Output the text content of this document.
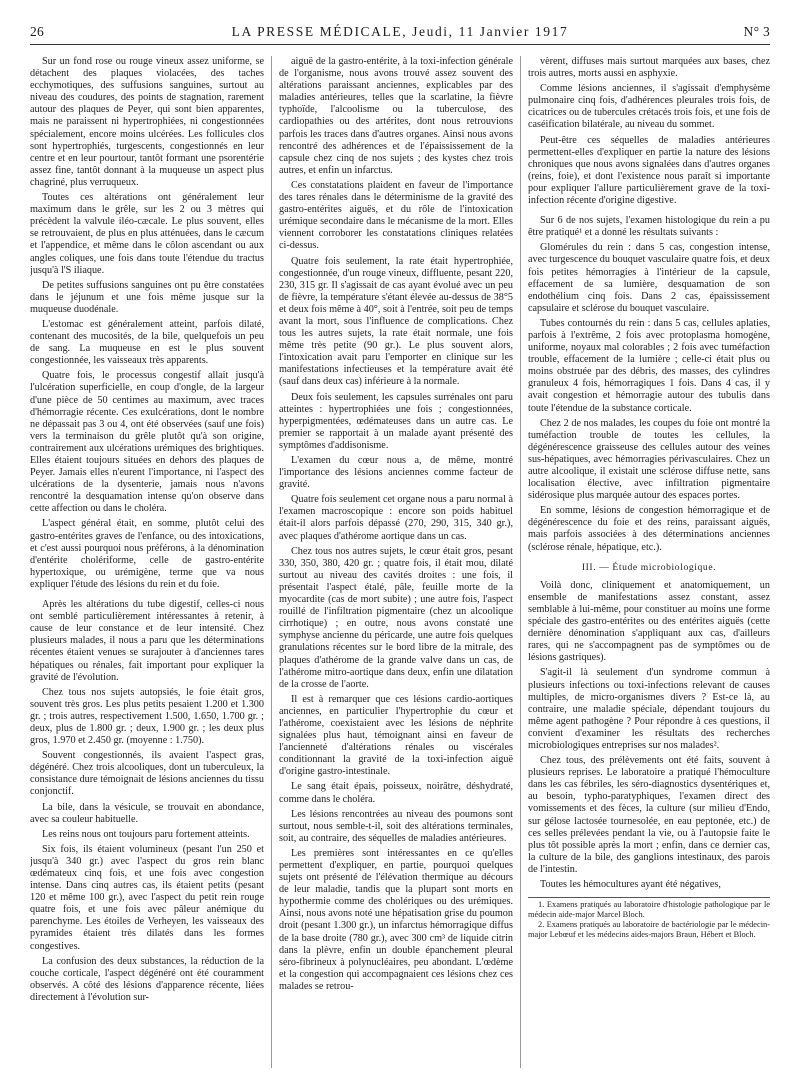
26	LA PRESSE MÉDICALE, Jeudi, 11 Janvier 1917	N° 3

Sur un fond rose ou rouge vineux assez uniforme, se détachent des plaques violacées, des taches ecchymotiques, des suffusions sanguines, surtout au niveau des coudures, des points de stagnation, rarement autour des plaques de Peyer, qui sont bien apparentes, mais ne paraissent ni hypertrophiées, ni congestionnées spécialement, encore moins ulcérées. Les follicules clos sont hypertrophiés, turgescents, congestionnés en leur centre et en leur pourtour, tantôt formant une psorentérie assez fine, tantôt donnant à la muqueuse un aspect plus chagriné, plus verruqueux.

Toutes ces altérations ont généralement leur maximum dans le grêle, sur les 2 ou 3 mètres qui précèdent la valvule iléo-cæcale. Le plus souvent, elles se retrouvaient, de plus en plus atténuées, dans le cæcum et l'appendice, et même dans le côlon ascendant ou aux angles coliques, une fois dans toute l'étendue du tractus jusqu'à l'S iliaque.

De petites suffusions sanguines ont pu être constatées dans le jéjunum et une fois même jusque sur la muqueuse duodénale.

L'estomac est généralement atteint, parfois dilaté, contenant des mucosités, de la bile, quelquefois un peu de sang. La muqueuse en est le plus souvent congestionnée, les vaisseaux très apparents.

Quatre fois, le processus congestif allait jusqu'à l'ulcération superficielle, en coup d'ongle, de la largeur d'une pièce de 50 centimes au maximum, avec traces d'hémorragie récente. Ces exulcérations, dont le nombre ne dépassait pas 3 ou 4, ont été observées (sauf une fois) vers la terminaison du grêle plutôt qu'à son origine, contrairement aux ulcérations urémiques des brightiques. Elles étaient toujours situées en dehors des plaques de Peyer. Jamais elles n'eurent l'importance, ni l'aspect des ulcérations de la dysenterie, jamais nous n'avons rencontré la desquamation intense qu'on observe dans cette affection ou dans le choléra.

L'aspect général était, en somme, plutôt celui des gastro-entérites graves de l'enfance, ou des intoxications, et c'est aussi pourquoi nous préférons, à la dénomination d'entérite cholériforme, celle de gastro-entérite hypertoxique, ou urémigène, terme que va nous expliquer l'étude des lésions du rein et du foie.

Après les altérations du tube digestif, celles-ci nous ont semblé particulièrement intéressantes à retenir, à cause de leur constance et de leur intensité. Chez plusieurs malades, il nous a paru que les déterminations récentes étaient venues se surajouter à d'anciennes tares hépatiques ou rénales, fait important pour expliquer la gravité de l'évolution.

Chez tous nos sujets autopsiés, le foie était gros, souvent très gros. Les plus petits pesaient 1.200 et 1.300 gr. ; trois autres, respectivement 1.500, 1.650, 1.700 gr. ; deux, plus de 1.800 gr. ; deux, 1.900 gr. ; les deux plus gros, 1.970 et 2.450 gr. (moyenne : 1.750).

Souvent congestionnés, ils avaient l'aspect gras, dégénéré. Chez trois alcooliques, dont un tuberculeux, la consistance dure témoignait de lésions anciennes du tissu conjonctif.

La bile, dans la vésicule, se trouvait en abondance, avec sa couleur habituelle.

Les reins nous ont toujours paru fortement atteints.

Six fois, ils étaient volumineux (pesant l'un 250 et jusqu'à 340 gr.) avec l'aspect du gros rein blanc œdémateux cinq fois, et une fois avec congestion intense. Dans cinq autres cas, ils étaient petits (pesant 120 et même 100 gr.), avec l'aspect du petit rein rouge quatre fois, et une fois avec pâleur anémique du parenchyme. Les étoiles de Verheyen, les vaisseaux des pyramides étaient très dilatés dans les formes congestives.

La confusion des deux substances, la réduction de la couche corticale, l'aspect dégénéré ont été couramment observés. A côté des lésions d'apparence récente, liées directement à l'évolution sur-

aiguë de la gastro-entérite, à la toxi-infection générale de l'organisme, nous avons trouvé assez souvent des altérations paraissant anciennes, explicables par des maladies antérieures, telles que la scarlatine, la fièvre typhoïde, l'alcoolisme ou la tuberculose, des cardiopathies ou des artérites, dont nous retrouvions parfois les traces dans d'autres organes. Ainsi nous avons rencontré des adhérences et de l'épaississement de la capsule chez cinq de nos sujets ; des kystes chez trois autres, et enfin un infarctus.

Ces constatations plaident en faveur de l'importance des tares rénales dans le déterminisme de la gravité des gastro-entérites aiguës, et du rôle de l'intoxication urémique secondaire dans le mécanisme de la mort. Elles viennent corroborer les constatations cliniques relatées ci-dessus.

Quatre fois seulement, la rate était hypertrophiée, congestionnée, d'un rouge vineux, diffluente, pesant 220, 230, 315 gr. Il s'agissait de cas ayant évolué avec un peu de fièvre, la température s'étant élevée au-dessus de 38°5 et deux fois même à 40°, soit à l'entrée, soit peu de temps avant la mort, sous l'influence de complications. Chez tous les autres sujets, la rate était normale, une fois même très petite (90 gr.). Le plus souvent alors, l'intoxication avait paru l'emporter en clinique sur les manifestations infectieuses et la température avait été (sauf dans deux cas) inférieure à la normale.

Deux fois seulement, les capsules surrénales ont paru atteintes : hypertrophiées une fois ; congestionnées, hyperpigmentées, œdémateuses dans un autre cas. Le premier se rapportait à un malade ayant présenté des symptômes d'addisonisme.

L'examen du cœur nous a, de même, montré l'importance des lésions anciennes comme facteur de gravité.

Quatre fois seulement cet organe nous a paru normal à l'examen macroscopique : encore son poids habituel était-il alors parfois dépassé (270, 290, 315, 340 gr.), avec plaques d'athérome aortique dans un cas.

Chez tous nos autres sujets, le cœur était gros, pesant 330, 350, 380, 420 gr. ; quatre fois, il était mou, dilaté surtout au niveau des cavités droites : une fois, il présentait l'aspect étalé, pâle, feuille morte de la myocardite (cas de mort subite) ; une autre fois, l'aspect rouillé de l'infiltration pigmentaire (chez un alcoolique cirrhotique) ; en outre, nous avons constaté une symphyse ancienne du péricarde, une autre fois quelques granulations récentes sur le bord libre de la mitrale, des plaques d'athérome de la grande valve dans un cas, de l'athérome mitro-aortique dans deux, enfin une dilatation de la crosse de l'aorte.

Il est à remarquer que ces lésions cardio-aortiques anciennes, en particulier l'hypertrophie du cœur et l'athérome, coexistaient avec les lésions de néphrite signalées plus haut, témoignant ainsi en faveur de l'ancienneté d'altérations rénales ou viscérales conditionnant la gravité de la toxi-infection aiguë d'origine gastro-intestinale.

Le sang était épais, poisseux, noirâtre, déshydraté, comme dans le choléra.

Les lésions rencontrées au niveau des poumons sont surtout, nous semble-t-il, soit des altérations terminales, soit, au contraire, des séquelles de maladies antérieures.

Les premières sont intéressantes en ce qu'elles permettent d'expliquer, en partie, pourquoi quelques sujets ont présenté de l'élévation thermique au décours de leur maladie, tandis que la plupart sont morts en hypothermie comme des cholériques ou des urémiques. Ainsi, nous avons noté une hépatisation grise du poumon droit (pesant 1.300 gr.), un infarctus hémorragique diffus de la base droite (780 gr.), avec 300 cm³ de liquide citrin dans la plèvre, enfin un double épanchement pleural séro-fibrineux à polynucléaires, peu abondant. L'œdème et la congestion qui accompagnaient ces lésions chez ces malades se retrou-

vèrent, diffuses mais surtout marquées aux bases, chez trois autres, morts aussi en asphyxie.

Comme lésions anciennes, il s'agissait d'emphysème pulmonaire cinq fois, d'adhérences pleurales trois fois, de cicatrices ou de tubercules crétacés trois fois, et une fois de caséification bilatérale, au niveau du sommet.

Peut-être ces séquelles de maladies antérieures permettent-elles d'expliquer en partie la nature des lésions chroniques que nous avons signalées dans d'autres organes (reins, foie), et dont l'existence nous paraît si importante pour expliquer l'allure particulièrement grave de la toxi-infection récente d'origine digestive.

Sur 6 de nos sujets, l'examen histologique du rein a pu être pratiqué¹ et a donné les résultats suivants :

Glomérules du rein : dans 5 cas, congestion intense, avec turgescence du bouquet vasculaire quatre fois, et deux fois petites hémorragies à l'intérieur de la capsule, effacement de sa lumière, desquamation de son endothélium cinq fois. Dans 2 cas, épaississement capsulaire et sclérose du bouquet vasculaire.

Tubes contournés du rein : dans 5 cas, cellules aplaties, parfois à l'extrême, 2 fois avec protoplasma homogène, uniforme, noyaux mal colorables ; 2 fois avec tuméfaction trouble, effacement de la lumière ; celle-ci était plus ou moins obstruée par des débris, des masses, des cylindres granuleux 4 fois, hémorragiques 1 fois. Dans 4 cas, il y avait congestion et hémorragie autour des tubulis dans toute l'étendue de la substance corticale.

Chez 2 de nos malades, les coupes du foie ont montré la tuméfaction trouble de toutes les cellules, la dégénérescence graisseuse des cellules autour des veines sus-hépatiques, avec hémorragies périvasculaires. Chez un autre alcoolique, il existait une sclérose diffuse nette, sans localisation élective, avec infiltration pigmentaire sidérosique plus marquée autour des espaces portes.

En somme, lésions de congestion hémorragique et de dégénérescence du foie et des reins, paraissant aiguës, mais parfois associées à des déterminations anciennes (sclérose rénale, hépatique, etc.).

III. — Étude microbiologique.

Voilà donc, cliniquement et anatomiquement, un ensemble de manifestations assez constant, assez semblable à lui-même, pour constituer au moins une forme spéciale des gastro-entérites ou des entérites aiguës (cette dernière dénomination s'appliquant aux cas, d'ailleurs rares, qui ne s'accompagnent pas de symptômes ou de lésions gastriques).

S'agit-il là seulement d'un syndrome commun à plusieurs infections ou toxi-infections relevant de causes multiples, de micro-organismes divers ? Est-ce là, au contraire, une maladie spéciale, dépendant toujours du même agent pathogène ? Pour répondre à ces questions, il convient d'examiner les résultats des recherches microbiologiques entreprises sur nos malades².

Chez tous, des prélèvements ont été faits, souvent à plusieurs reprises. Le laboratoire a pratiqué l'hémoculture dans les cas fébriles, les séro-diagnostics dysentériques et, au besoin, typho-paratyphiques, l'examen direct des vomissements et des fèces, la culture (sur milieu d'Endo, sur gélose lactosée tournesolée, en eau peptonée, etc.) de ces selles prélevées pendant la vie, ou à l'autopsie faite le plus tôt possible après la mort ; enfin, dans ce dernier cas, la culture de la bile, des ganglions intestinaux, des parois de l'intestin.

Toutes les hémocultures ayant été négatives,

1. Examens pratiqués au laboratoire d'histologie pathologique par le médecin aide-major Marcel Bloch.
2. Examens pratiqués au laboratoire de bactériologie par le médecin-major Lebœuf et les médecins aides-majors Braun, Hébert et Bloch.
